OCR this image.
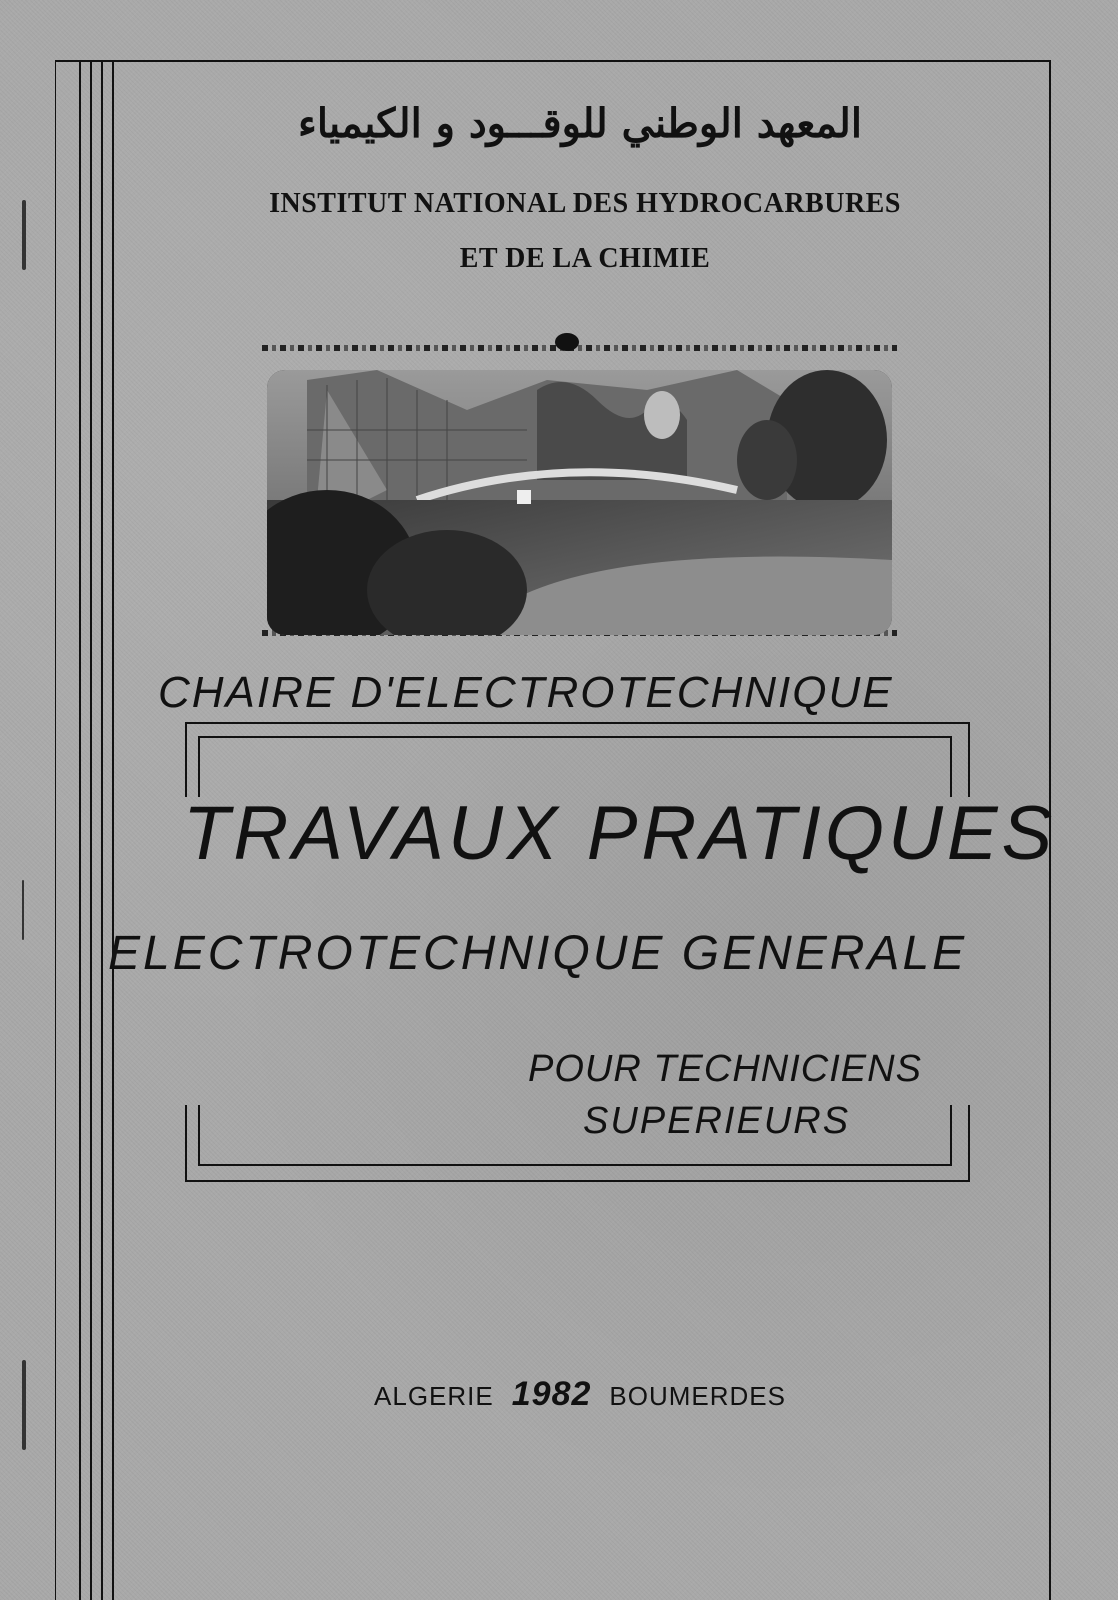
المعهد الوطني للوقـــود و الكيمياء
INSTITUT NATIONAL DES HYDROCARBURES
ET DE LA CHIMIE
CHAIRE D'ELECTROTECHNIQUE
TRAVAUX PRATIQUES
ELECTROTECHNIQUE GENERALE
POUR TECHNICIENS
SUPERIEURS
ALGERIE 1982 BOUMERDES
